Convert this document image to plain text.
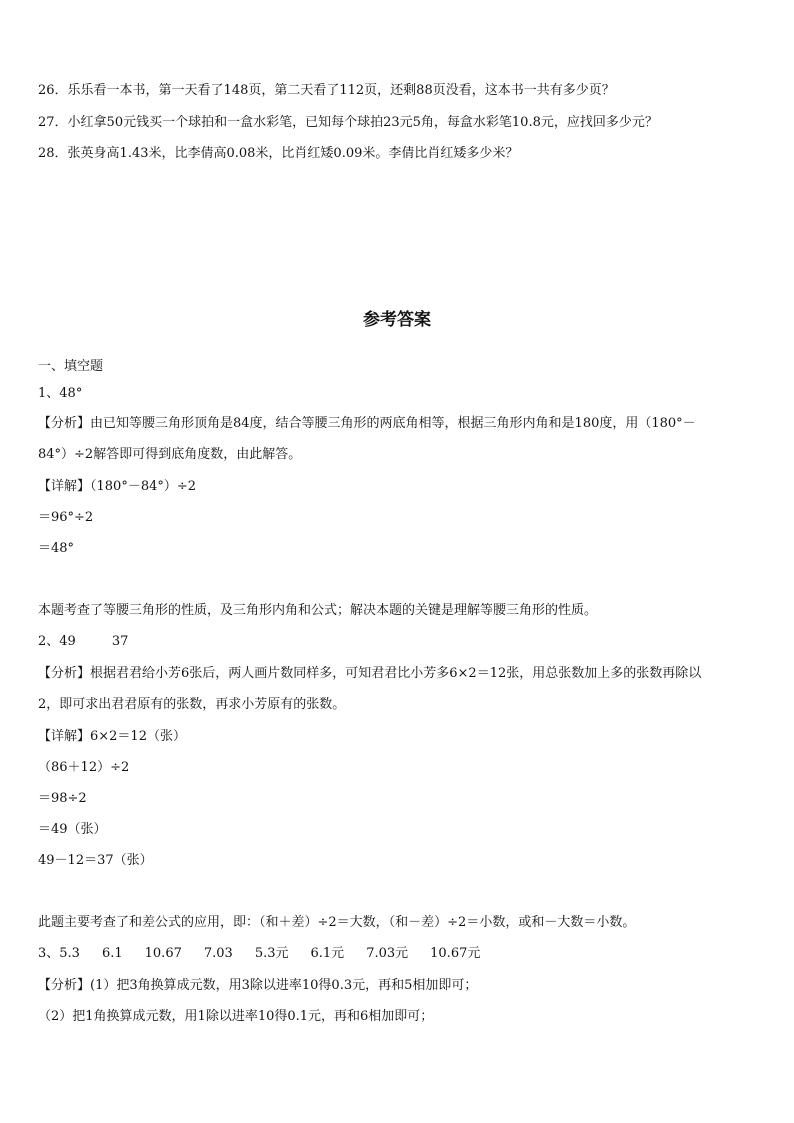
26．乐乐看一本书，第一天看了148页，第二天看了112页，还剩88页没看，这本书一共有多少页？
27．小红拿50元钱买一个球拍和一盒水彩笔，已知每个球拍23元5角，每盒水彩笔10.8元，应找回多少元？
28．张英身高1.43米，比李倩高0.08米，比肖红矮0.09米。李倩比肖红矮多少米？
参考答案
一、填空题
1、48°
【分析】由已知等腰三角形顶角是84度，结合等腰三角形的两底角相等，根据三角形内角和是180度，用（180°－
84°）÷2解答即可得到底角度数，由此解答。
【详解】（180°－84°）÷2
＝96°÷2
＝48°
本题考查了等腰三角形的性质，及三角形内角和公式；解决本题的关键是理解等腰三角形的性质。
2、49	37
【分析】根据君君给小芳6张后，两人画片数同样多，可知君君比小芳多6×2＝12张，用总张数加上多的张数再除以
2，即可求出君君原有的张数，再求小芳原有的张数。
【详解】6×2＝12（张）
（86＋12）÷2
＝98÷2
＝49（张）
49－12＝37（张）
此题主要考查了和差公式的应用，即：（和＋差）÷2＝大数，（和－差）÷2＝小数，或和－大数＝小数。
3、5.3 6.1 10.67 7.03 5.3元 6.1元 7.03元 10.67元
【分析】(1）把3角换算成元数，用3除以进率10得0.3元，再和5相加即可；
（2）把1角换算成元数，用1除以进率10得0.1元，再和6相加即可；
